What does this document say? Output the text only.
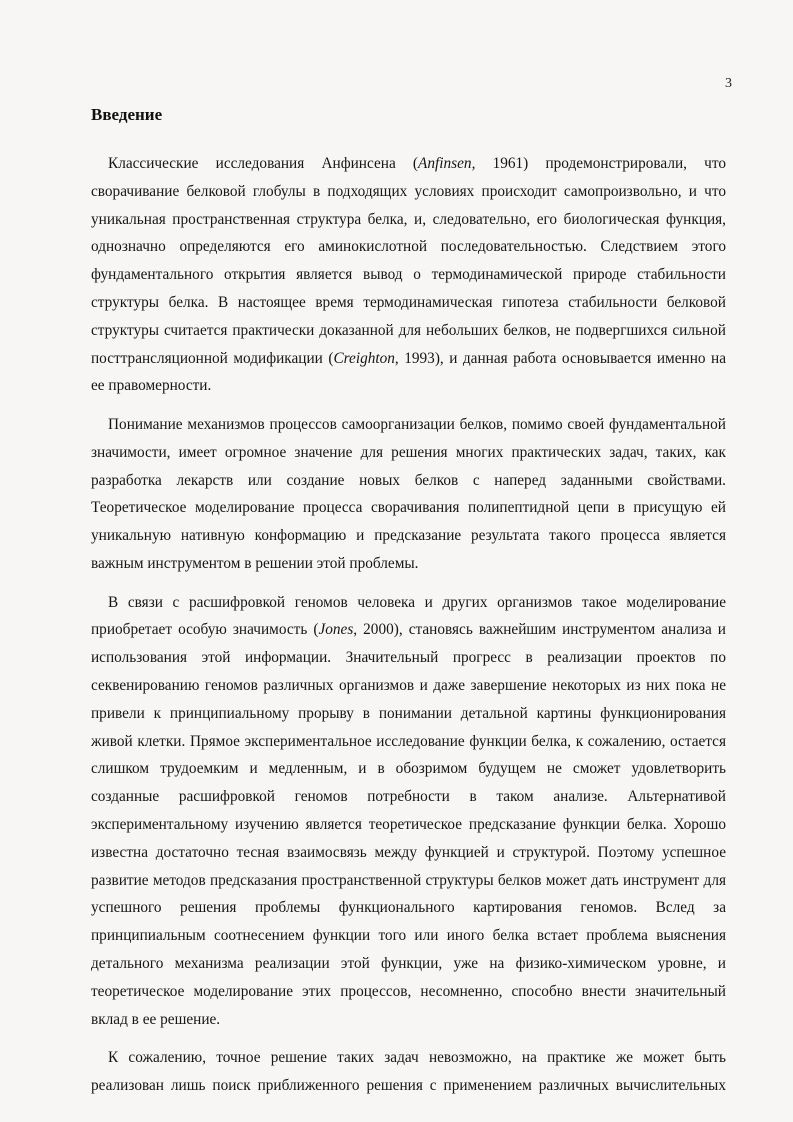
3
Введение

Классические исследования Анфинсена (Anfinsen, 1961) продемонстрировали, что сворачивание белковой глобулы в подходящих условиях происходит самопроизвольно, и что уникальная пространственная структура белка, и, следовательно, его биологическая функция, однозначно определяются его аминокислотной последовательностью. Следствием этого фундаментального открытия является вывод о термодинамической природе стабильности структуры белка. В настоящее время термодинамическая гипотеза стабильности белковой структуры считается практически доказанной для небольших белков, не подвергшихся сильной посттрансляционной модификации (Creighton, 1993), и данная работа основывается именно на ее правомерности.

Понимание механизмов процессов самоорганизации белков, помимо своей фундаментальной значимости, имеет огромное значение для решения многих практических задач, таких, как разработка лекарств или создание новых белков с наперед заданными свойствами. Теоретическое моделирование процесса сворачивания полипептидной цепи в присущую ей уникальную нативную конформацию и предсказание результата такого процесса является важным инструментом в решении этой проблемы.

В связи с расшифровкой геномов человека и других организмов такое моделирование приобретает особую значимость (Jones, 2000), становясь важнейшим инструментом анализа и использования этой информации. Значительный прогресс в реализации проектов по секвенированию геномов различных организмов и даже завершение некоторых из них пока не привели к принципиальному прорыву в понимании детальной картины функционирования живой клетки. Прямое экспериментальное исследование функции белка, к сожалению, остается слишком трудоемким и медленным, и в обозримом будущем не сможет удовлетворить созданные расшифровкой геномов потребности в таком анализе. Альтернативой экспериментальному изучению является теоретическое предсказание функции белка. Хорошо известна достаточно тесная взаимосвязь между функцией и структурой. Поэтому успешное развитие методов предсказания пространственной структуры белков может дать инструмент для успешного решения проблемы функционального картирования геномов. Вслед за принципиальным соотнесением функции того или иного белка встает проблема выяснения детального механизма реализации этой функции, уже на физико-химическом уровне, и теоретическое моделирование этих процессов, несомненно, способно внести значительный вклад в ее решение.

К сожалению, точное решение таких задач невозможно, на практике же может быть реализован лишь поиск приближенного решения с применением различных вычислительных
